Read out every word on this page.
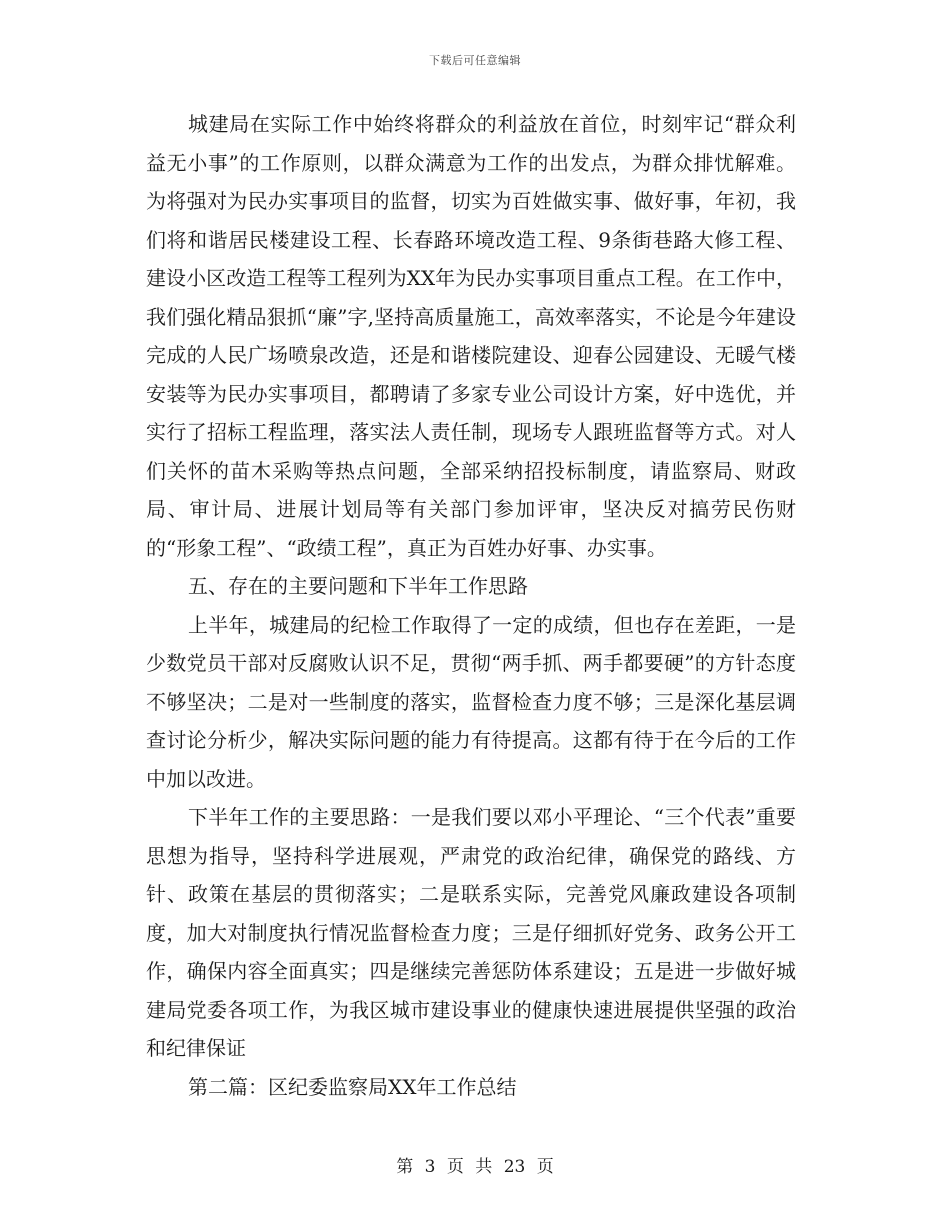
下载后可任意编辑

城建局在实际工作中始终将群众的利益放在首位，时刻牢记“群众利益无小事”的工作原则，以群众满意为工作的出发点，为群众排忧解难。为将强对为民办实事项目的监督，切实为百姓做实事、做好事，年初，我们将和谐居民楼建设工程、长春路环境改造工程、9条街巷路大修工程、建设小区改造工程等工程列为XX年为民办实事项目重点工程。在工作中，我们强化精品狠抓“廉”字,坚持高质量施工，高效率落实，不论是今年建设完成的人民广场喷泉改造，还是和谐楼院建设、迎春公园建设、无暖气楼安装等为民办实事项目，都聘请了多家专业公司设计方案，好中选优，并实行了招标工程监理，落实法人责任制，现场专人跟班监督等方式。对人们关怀的苗木采购等热点问题，全部采纳招投标制度，请监察局、财政局、审计局、进展计划局等有关部门参加评审，坚决反对搞劳民伤财的“形象工程”、“政绩工程”，真正为百姓办好事、办实事。

五、存在的主要问题和下半年工作思路

上半年，城建局的纪检工作取得了一定的成绩，但也存在差距，一是少数党员干部对反腐败认识不足，贯彻“两手抓、两手都要硬”的方针态度不够坚决；二是对一些制度的落实，监督检查力度不够；三是深化基层调查讨论分析少，解决实际问题的能力有待提高。这都有待于在今后的工作中加以改进。

下半年工作的主要思路：一是我们要以邓小平理论、“三个代表”重要思想为指导，坚持科学进展观，严肃党的政治纪律，确保党的路线、方针、政策在基层的贯彻落实；二是联系实际，完善党风廉政建设各项制度，加大对制度执行情况监督检查力度；三是仔细抓好党务、政务公开工作，确保内容全面真实；四是继续完善惩防体系建设；五是进一步做好城建局党委各项工作，为我区城市建设事业的健康快速进展提供坚强的政治和纪律保证

第二篇：区纪委监察局XX年工作总结

第 3 页 共 23 页
